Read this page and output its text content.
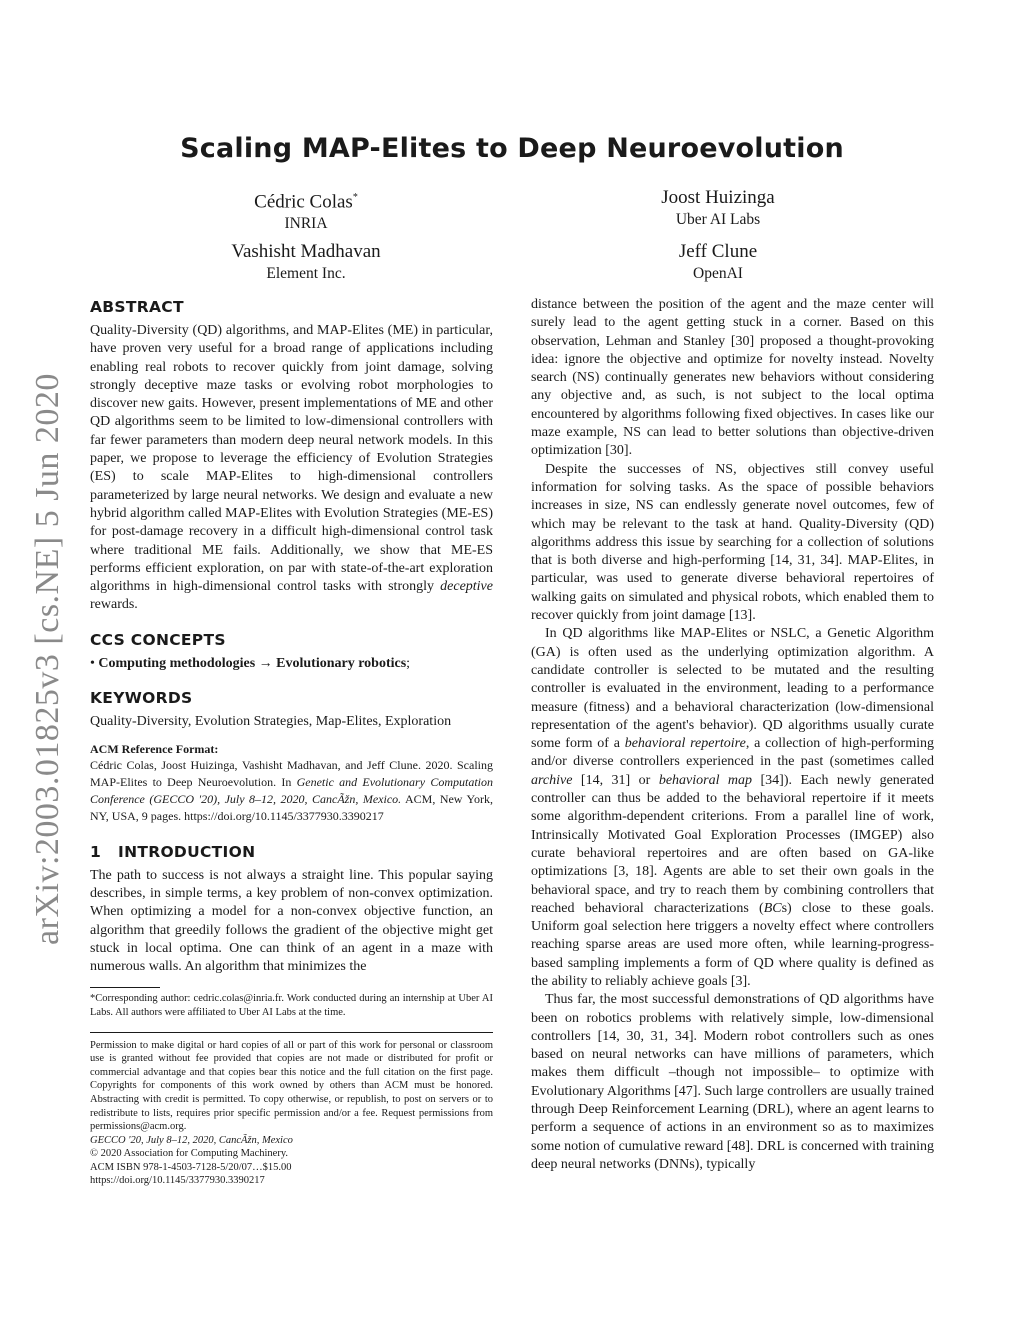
arXiv:2003.01825v3 [cs.NE] 5 Jun 2020
Scaling MAP-Elites to Deep Neuroevolution
Cédric Colas*
INRIA
Joost Huizinga
Uber AI Labs
Vashisht Madhavan
Element Inc.
Jeff Clune
OpenAI
ABSTRACT

Quality-Diversity (QD) algorithms, and MAP-Elites (ME) in particular, have proven very useful for a broad range of applications including enabling real robots to recover quickly from joint damage, solving strongly deceptive maze tasks or evolving robot morphologies to discover new gaits. However, present implementations of ME and other QD algorithms seem to be limited to low-dimensional controllers with far fewer parameters than modern deep neural network models. In this paper, we propose to leverage the efficiency of Evolution Strategies (ES) to scale MAP-Elites to high-dimensional controllers parameterized by large neural networks. We design and evaluate a new hybrid algorithm called MAP-Elites with Evolution Strategies (ME-ES) for post-damage recovery in a difficult high-dimensional control task where traditional ME fails. Additionally, we show that ME-ES performs efficient exploration, on par with state-of-the-art exploration algorithms in high-dimensional control tasks with strongly deceptive rewards.

CCS CONCEPTS
• Computing methodologies → Evolutionary robotics;
KEYWORDS
Quality-Diversity, Evolution Strategies, Map-Elites, Exploration
ACM Reference Format:
Cédric Colas, Joost Huizinga, Vashisht Madhavan, and Jeff Clune. 2020. Scaling MAP-Elites to Deep Neuroevolution. In Genetic and Evolutionary Computation Conference (GECCO '20), July 8–12, 2020, CancÃžn, Mexico. ACM, New York, NY, USA, 9 pages. https://doi.org/10.1145/3377930.3390217
1 INTRODUCTION

The path to success is not always a straight line. This popular saying describes, in simple terms, a key problem of non-convex optimization. When optimizing a model for a non-convex objective function, an algorithm that greedily follows the gradient of the objective might get stuck in local optima. One can think of an agent in a maze with numerous walls. An algorithm that minimizes the

*Corresponding author: cedric.colas@inria.fr. Work conducted during an internship at Uber AI Labs. All authors were affiliated to Uber AI Labs at the time.
Permission to make digital or hard copies of all or part of this work for personal or classroom use is granted without fee provided that copies are not made or distributed for profit or commercial advantage and that copies bear this notice and the full citation on the first page. Copyrights for components of this work owned by others than ACM must be honored. Abstracting with credit is permitted. To copy otherwise, or republish, to post on servers or to redistribute to lists, requires prior specific permission and/or a fee. Request permissions from permissions@acm.org.
GECCO '20, July 8–12, 2020, CancÃžn, Mexico
© 2020 Association for Computing Machinery.
ACM ISBN 978-1-4503-7128-5/20/07…$15.00
https://doi.org/10.1145/3377930.3390217

distance between the position of the agent and the maze center will surely lead to the agent getting stuck in a corner. Based on this observation, Lehman and Stanley [30] proposed a thought-provoking idea: ignore the objective and optimize for novelty instead. Novelty search (NS) continually generates new behaviors without considering any objective and, as such, is not subject to the local optima encountered by algorithms following fixed objectives. In cases like our maze example, NS can lead to better solutions than objective-driven optimization [30].

Despite the successes of NS, objectives still convey useful information for solving tasks. As the space of possible behaviors increases in size, NS can endlessly generate novel outcomes, few of which may be relevant to the task at hand. Quality-Diversity (QD) algorithms address this issue by searching for a collection of solutions that is both diverse and high-performing [14, 31, 34]. MAP-Elites, in particular, was used to generate diverse behavioral repertoires of walking gaits on simulated and physical robots, which enabled them to recover quickly from joint damage [13].

In QD algorithms like MAP-Elites or NSLC, a Genetic Algorithm (GA) is often used as the underlying optimization algorithm. A candidate controller is selected to be mutated and the resulting controller is evaluated in the environment, leading to a performance measure (fitness) and a behavioral characterization (low-dimensional representation of the agent's behavior). QD algorithms usually curate some form of a behavioral repertoire, a collection of high-performing and/or diverse controllers experienced in the past (sometimes called archive [14, 31] or behavioral map [34]). Each newly generated controller can thus be added to the behavioral repertoire if it meets some algorithm-dependent criterions. From a parallel line of work, Intrinsically Motivated Goal Exploration Processes (IMGEP) also curate behavioral repertoires and are often based on GA-like optimizations [3, 18]. Agents are able to set their own goals in the behavioral space, and try to reach them by combining controllers that reached behavioral characterizations (BCs) close to these goals. Uniform goal selection here triggers a novelty effect where controllers reaching sparse areas are used more often, while learning-progress-based sampling implements a form of QD where quality is defined as the ability to reliably achieve goals [3].

Thus far, the most successful demonstrations of QD algorithms have been on robotics problems with relatively simple, low-dimensional controllers [14, 30, 31, 34]. Modern robot controllers such as ones based on neural networks can have millions of parameters, which makes them difficult –though not impossible– to optimize with Evolutionary Algorithms [47]. Such large controllers are usually trained through Deep Reinforcement Learning (DRL), where an agent learns to perform a sequence of actions in an environment so as to maximizes some notion of cumulative reward [48]. DRL is concerned with training deep neural networks (DNNs), typically
